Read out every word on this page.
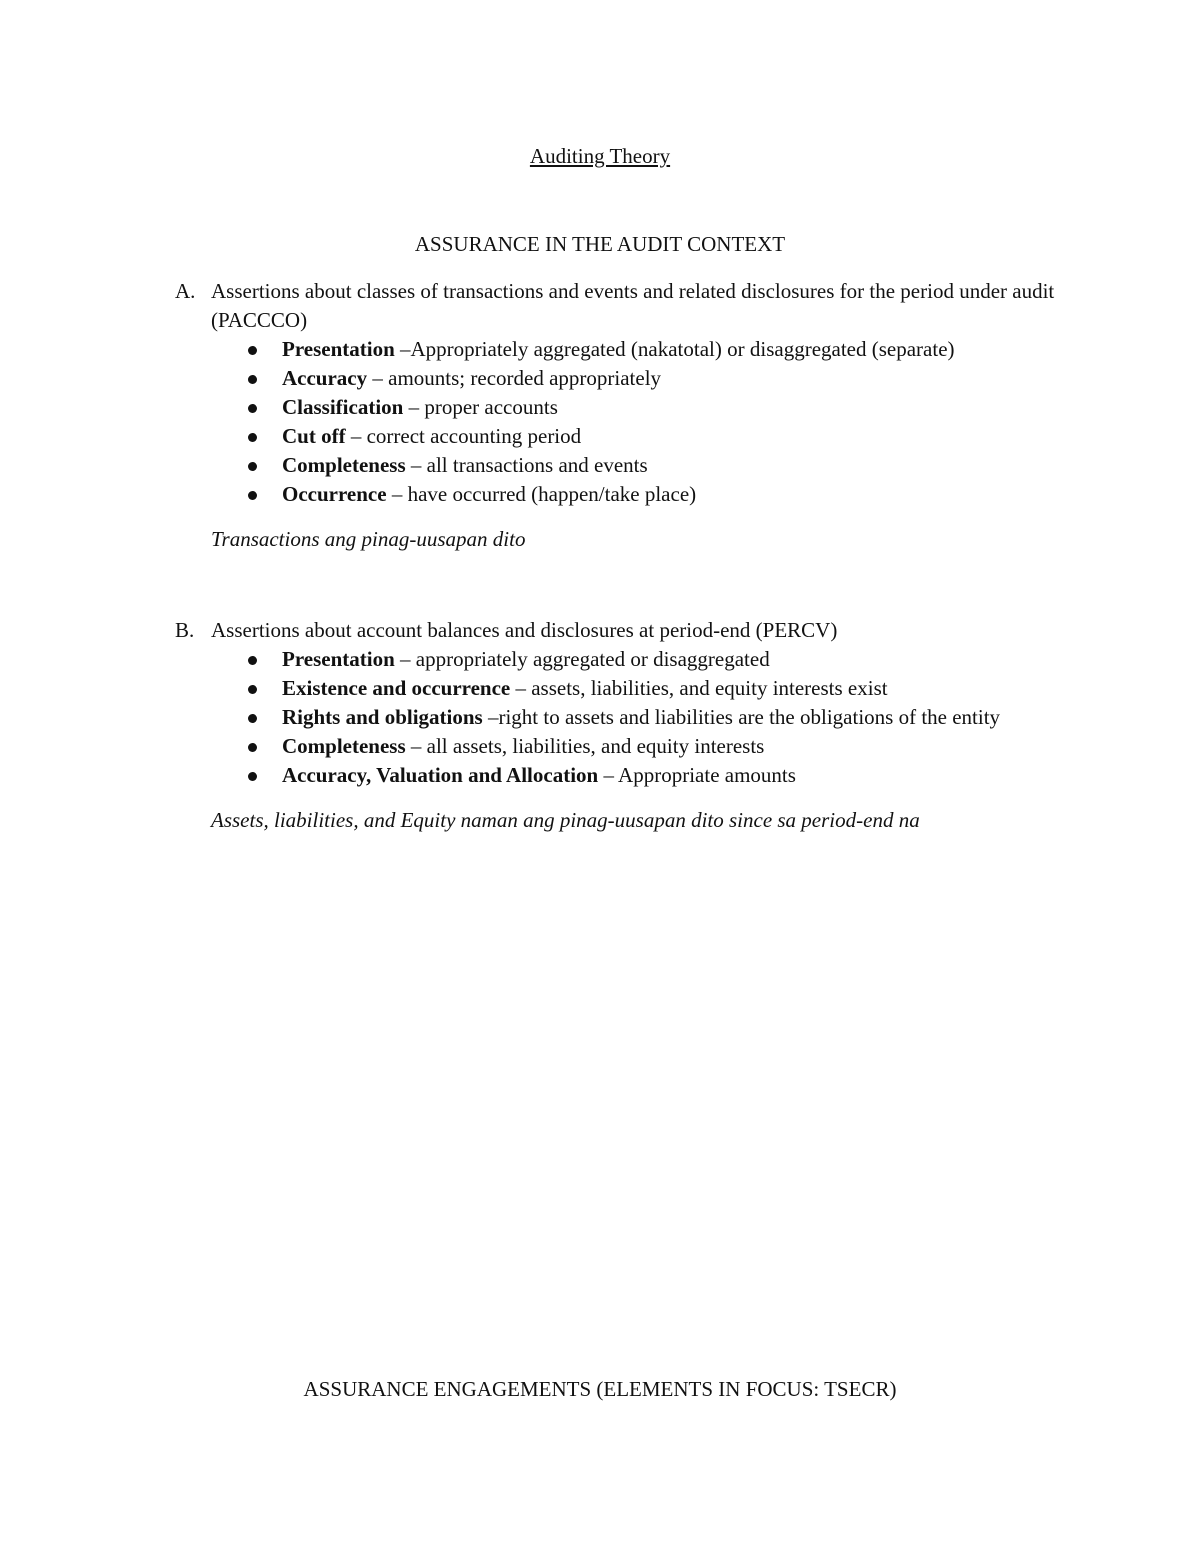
Auditing Theory
ASSURANCE IN THE AUDIT CONTEXT
A. Assertions about classes of transactions and events and related disclosures for the period under audit (PACCCO)
Presentation –Appropriately aggregated (nakatotal) or disaggregated (separate)
Accuracy – amounts; recorded appropriately
Classification – proper accounts
Cut off – correct accounting period
Completeness – all transactions and events
Occurrence – have occurred (happen/take place)
Transactions ang pinag-uusapan dito
B. Assertions about account balances and disclosures at period-end (PERCV)
Presentation – appropriately aggregated or disaggregated
Existence and occurrence – assets, liabilities, and equity interests exist
Rights and obligations –right to assets and liabilities are the obligations of the entity
Completeness – all assets, liabilities, and equity interests
Accuracy, Valuation and Allocation – Appropriate amounts
Assets, liabilities, and Equity naman ang pinag-uusapan dito since sa period-end na
ASSURANCE ENGAGEMENTS (ELEMENTS IN FOCUS: TSECR)
